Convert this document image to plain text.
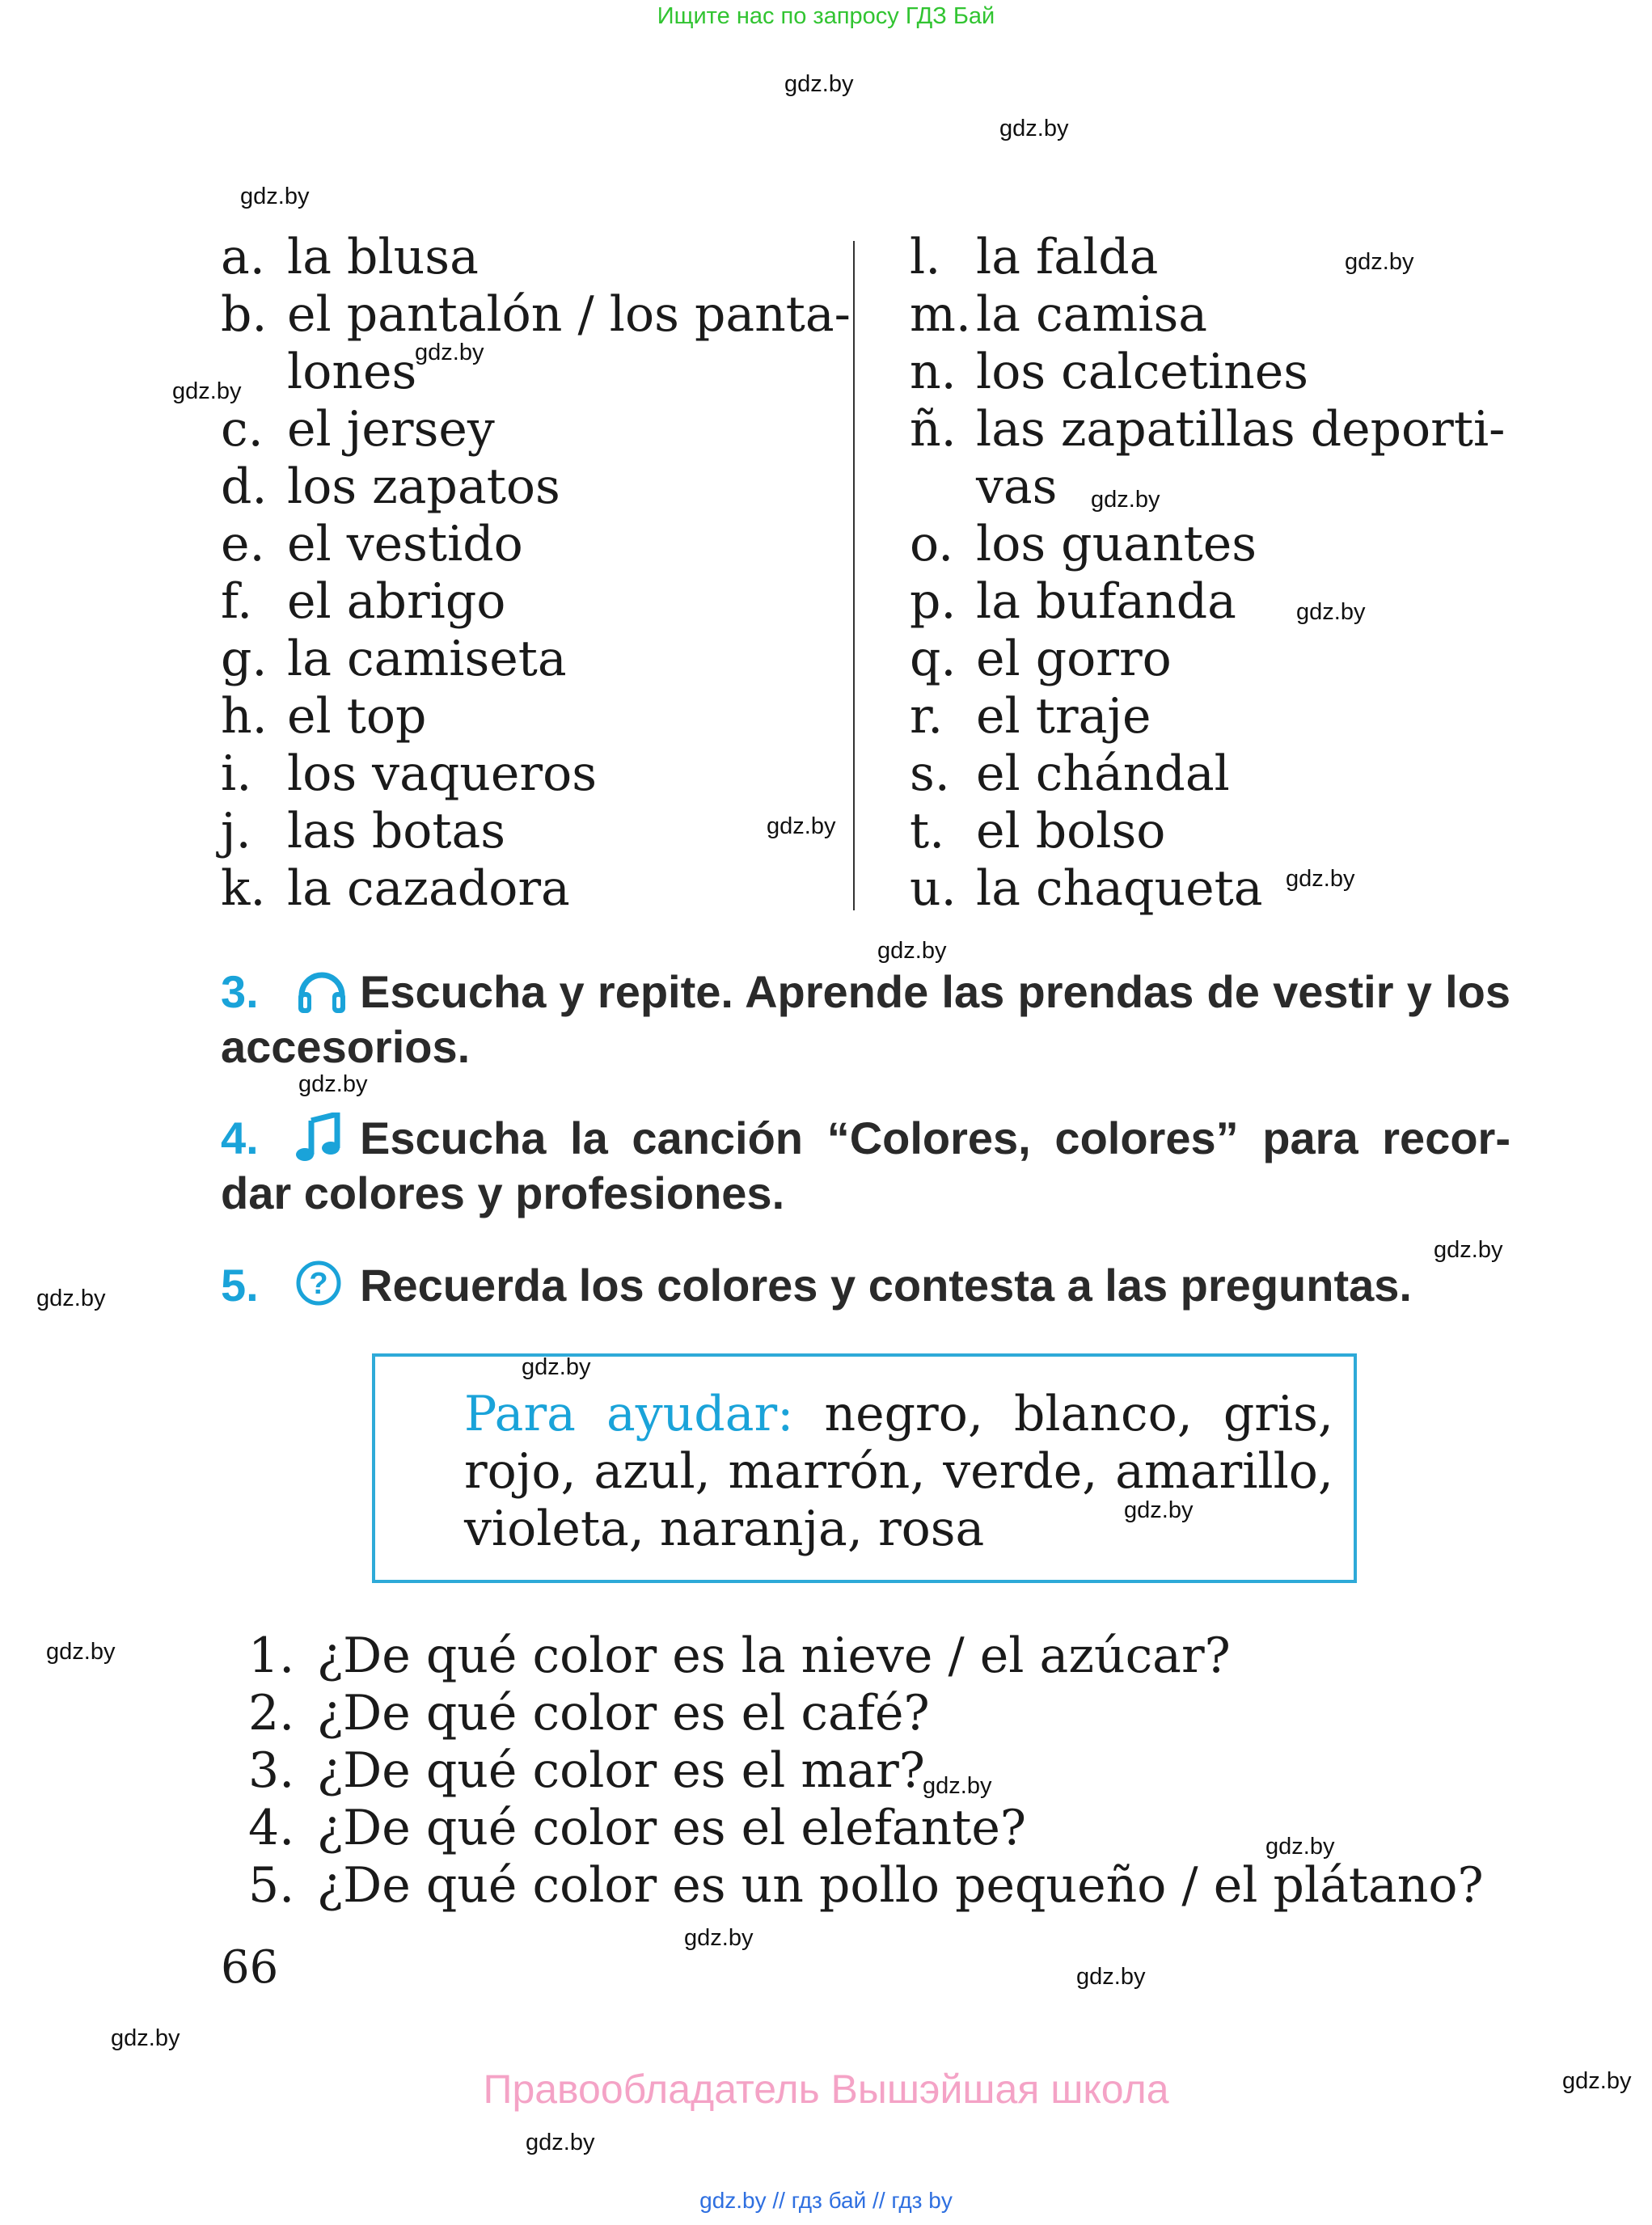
Ищите нас по запросу ГДЗ Бай
gdz.by
gdz.by
gdz.by
gdz.by
gdz.by
gdz.by
gdz.by
gdz.by
gdz.by
gdz.by
gdz.by
gdz.by
gdz.by
gdz.by
gdz.by
gdz.by
gdz.by
gdz.by
gdz.by
gdz.by
gdz.by
gdz.by
gdz.by
gdz.by
a. la blusa
b. el pantalón / los panta-
lones
c. el jersey
d. los zapatos
e. el vestido
f. el abrigo
g. la camiseta
h. el top
i. los vaqueros
j. las botas
k. la cazadora
l. la falda
m. la camisa
n. los calcetines
ñ. las zapatillas deporti-
vas
o. los guantes
p. la bufanda
q. el gorro
r. el traje
s. el chándal
t. el bolso
u. la chaqueta
3. Escucha y repite. Aprende las prendas de vestir y los accesorios.
4. Escucha la canción “Colores, colores” para recor-dar colores y profesiones.
5. ? Recuerda los colores y contesta a las preguntas.
Para ayudar: negro, blanco, gris, rojo, azul, marrón, verde, amarillo, violeta, naranja, rosa
1. ¿De qué color es la nieve / el azúcar?
2. ¿De qué color es el café?
3. ¿De qué color es el mar?
4. ¿De qué color es el elefante?
5. ¿De qué color es un pollo pequeño / el plátano?
66
Правообладатель Вышэйшая школа
gdz.by // гдз бай // гдз by
